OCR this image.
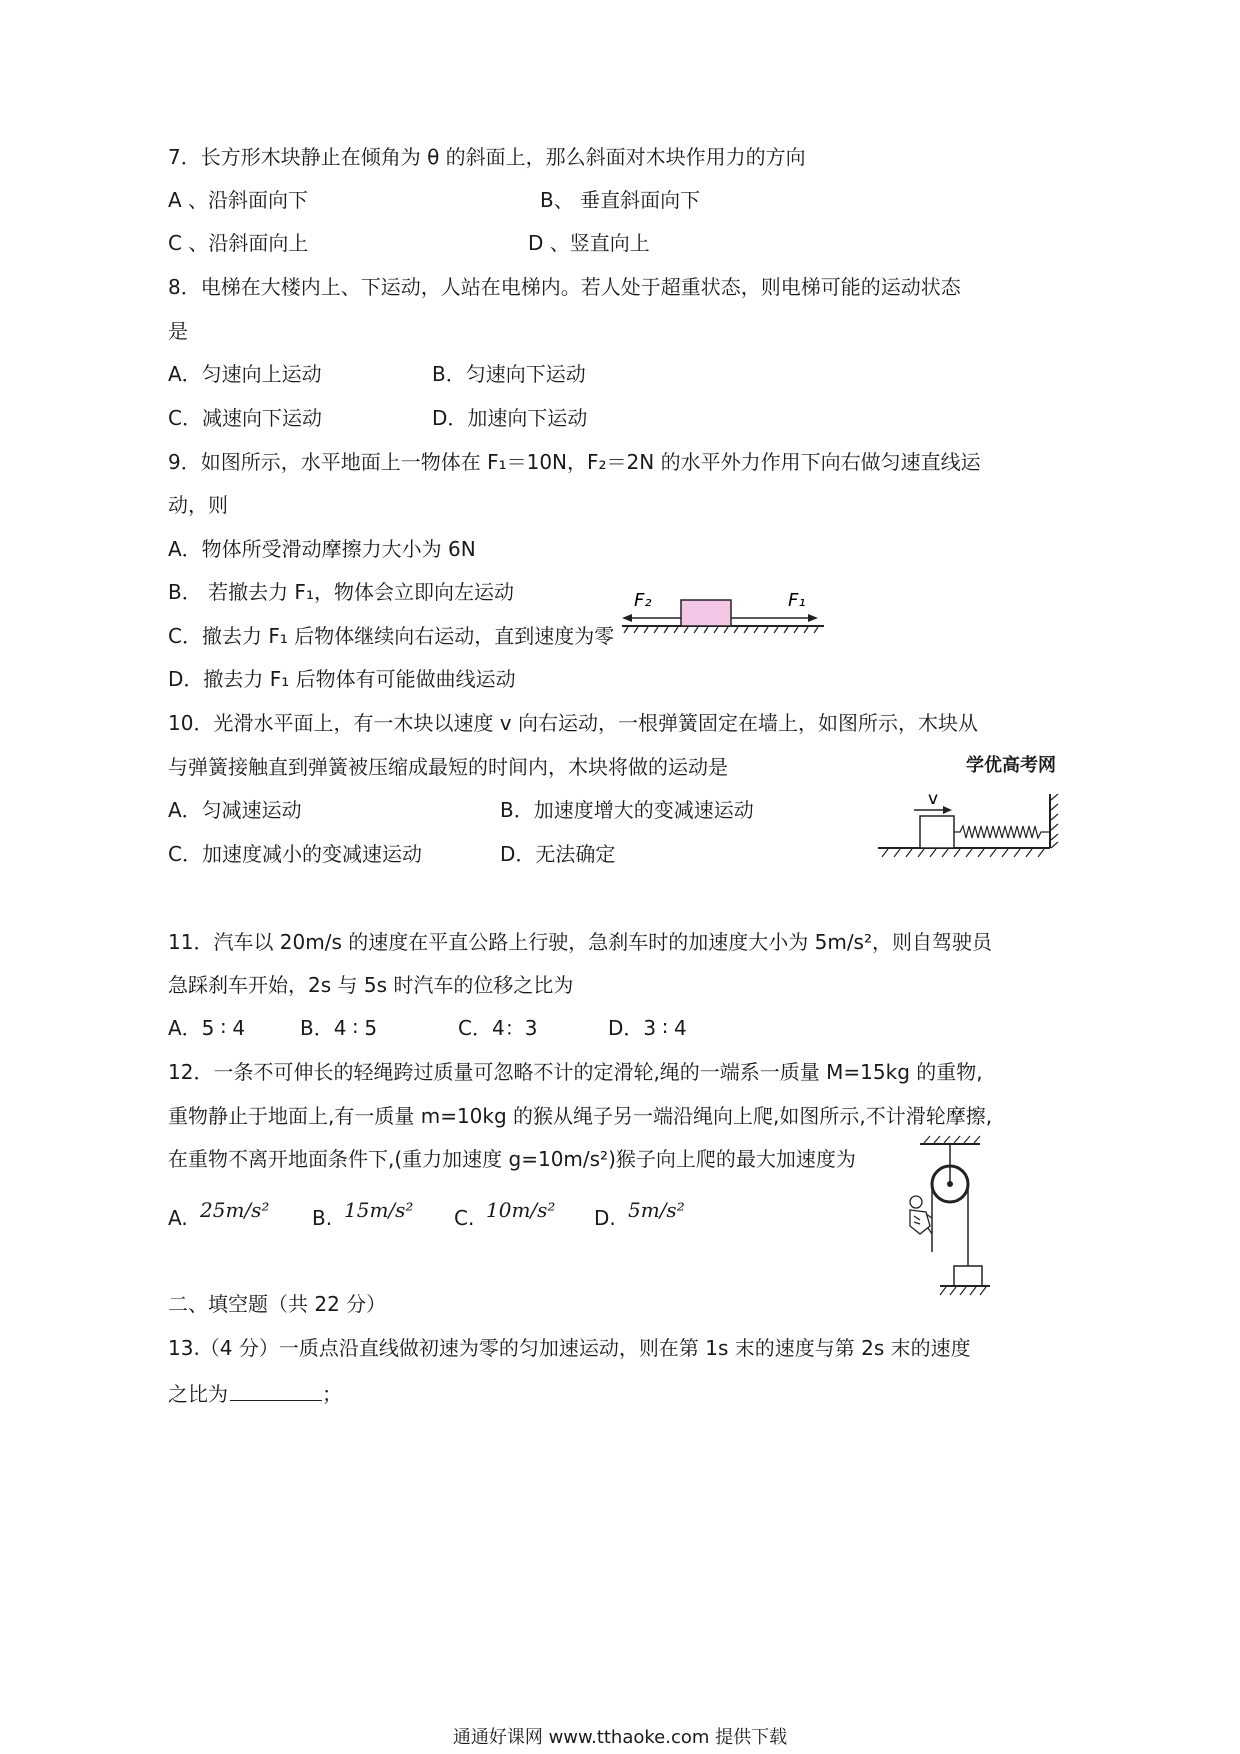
7．长方形木块静止在倾角为 θ 的斜面上，那么斜面对木块作用力的方向
A 、沿斜面向下	B、 垂直斜面向下
C 、沿斜面向上	D 、竖直向上
8．电梯在大楼内上、下运动，人站在电梯内。若人处于超重状态，则电梯可能的运动状态
是
A．匀速向上运动	B．匀速向下运动
C．减速向下运动	D．加速向下运动
9．如图所示，水平地面上一物体在 F₁＝10N，F₂＝2N 的水平外力作用下向右做匀速直线运
动，则
A．物体所受滑动摩擦力大小为 6N
B． 若撤去力 F₁，物体会立即向左运动
C．撤去力 F₁ 后物体继续向右运动，直到速度为零
D．撤去力 F₁ 后物体有可能做曲线运动
F₂	F₁
10．光滑水平面上，有一木块以速度 v 向右运动，一根弹簧固定在墙上，如图所示，木块从
与弹簧接触直到弹簧被压缩成最短的时间内，木块将做的运动是
A．匀减速运动	B．加速度增大的变减速运动
C．加速度减小的变减速运动	D．无法确定
学优高考网
v
11．汽车以 20m/s 的速度在平直公路上行驶，急刹车时的加速度大小为 5m/s²，则自驾驶员
急踩刹车开始，2s 与 5s 时汽车的位移之比为
A．5 ∶ 4	B．4 ∶ 5	C．4：3	D．3 ∶ 4
12．一条不可伸长的轻绳跨过质量可忽略不计的定滑轮,绳的一端系一质量 M=15kg 的重物,
重物静止于地面上,有一质量 m=10kg 的猴从绳子另一端沿绳向上爬,如图所示,不计滑轮摩擦,
在重物不离开地面条件下,(重力加速度 g=10m/s²)猴子向上爬的最大加速度为
A. 25m/s² B. 15m/s² C. 10m/s² D. 5m/s²
二、填空题（共 22 分）
13.（4 分）一质点沿直线做初速为零的匀加速运动，则在第 1s 末的速度与第 2s 末的速度
之比为	；
通通好课网 www.tthaoke.com 提供下载
